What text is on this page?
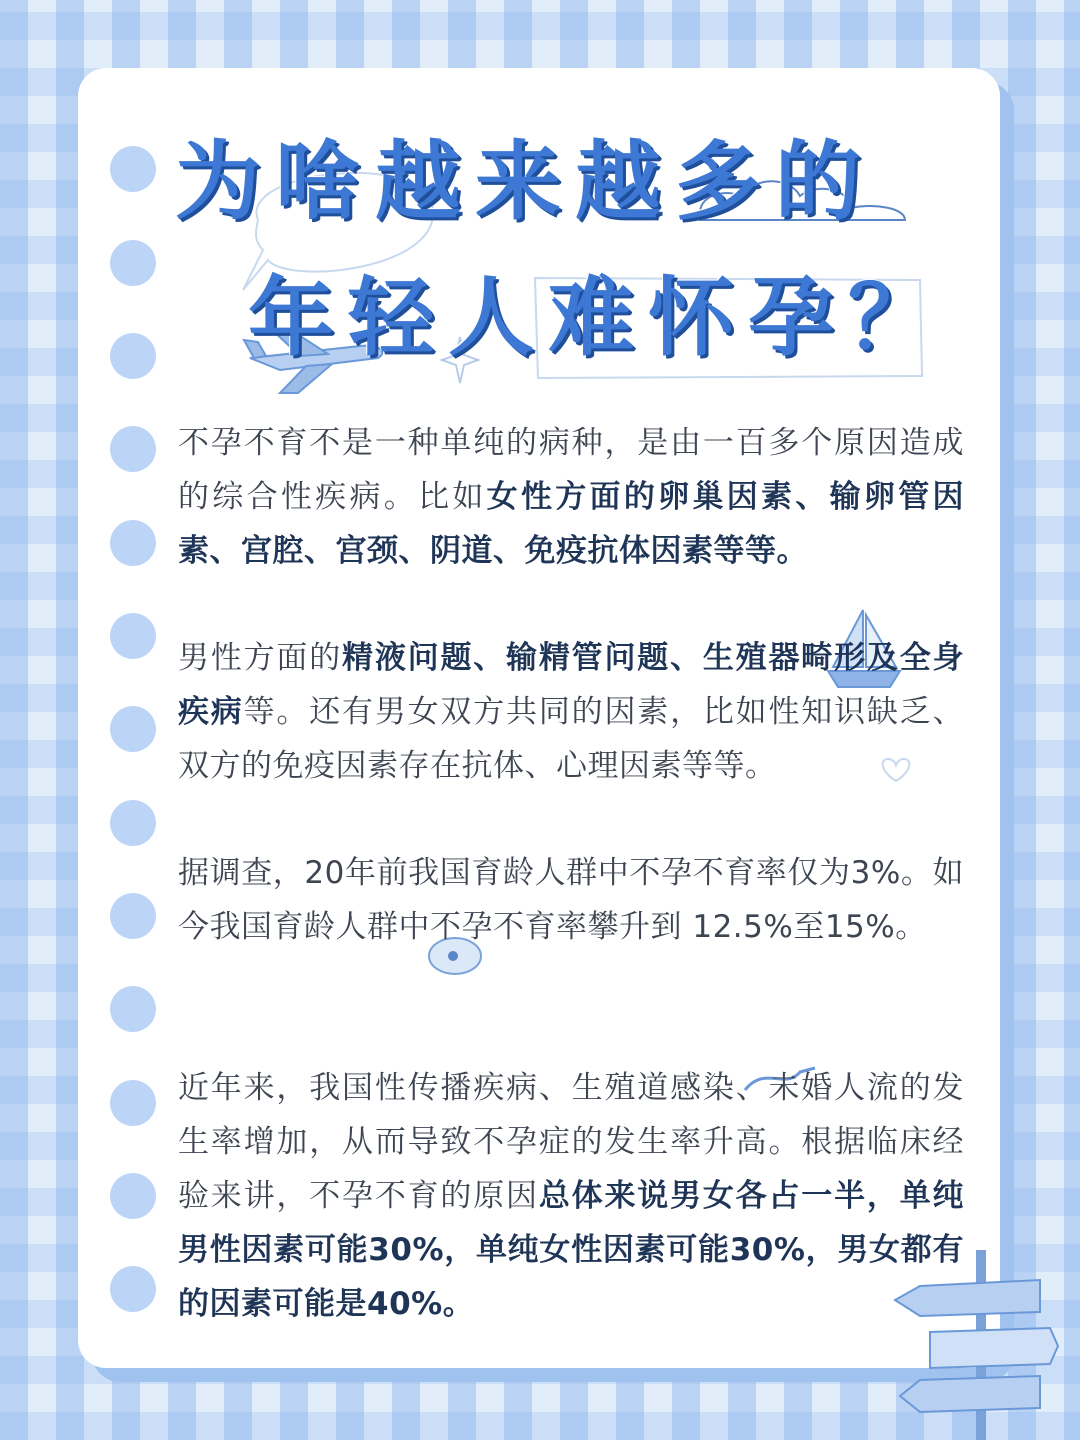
为啥越来越多的
年轻人难怀孕？
不孕不育不是一种单纯的病种，是由一百多个原因造成的综合性疾病。比如女性方面的卵巢因素、输卵管因素、宫腔、宫颈、阴道、免疫抗体因素等等。
男性方面的精液问题、输精管问题、生殖器畸形及全身疾病等。还有男女双方共同的因素，比如性知识缺乏、双方的免疫因素存在抗体、心理因素等等。
据调查，20年前我国育龄人群中不孕不育率仅为3%。如今我国育龄人群中不孕不育率攀升到 12.5%至15%。
近年来，我国性传播疾病、生殖道感染、未婚人流的发生率增加，从而导致不孕症的发生率升高。根据临床经验来讲，不孕不育的原因总体来说男女各占一半，单纯男性因素可能30%，单纯女性因素可能30%，男女都有的因素可能是40%。
